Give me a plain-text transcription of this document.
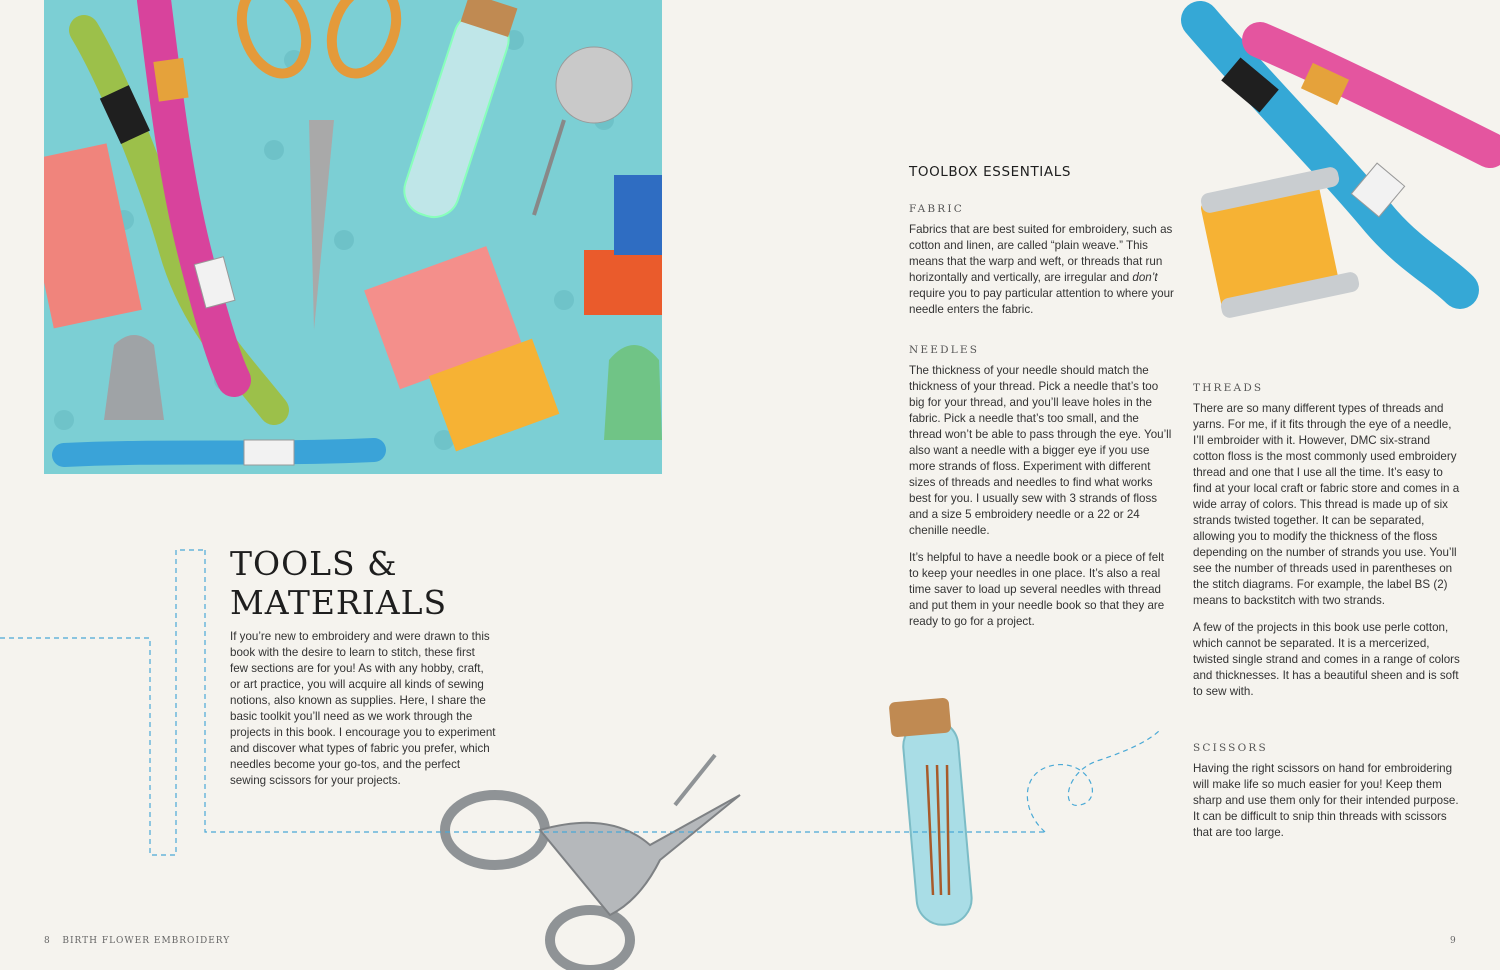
TOOLS & MATERIALS

If you’re new to embroidery and were drawn to this book with the desire to learn to stitch, these first few sections are for you! As with any hobby, craft, or art practice, you will acquire all kinds of sewing notions, also known as supplies. Here, I share the basic toolkit you’ll need as we work through the projects in this book. I encourage you to experiment and discover what types of fabric you prefer, which needles become your go-tos, and the perfect sewing scissors for your projects.

TOOLBOX ESSENTIALS
FABRIC

Fabrics that are best suited for embroidery, such as cotton and linen, are called “plain weave.” This means that the warp and weft, or threads that run horizontally and vertically, are irregular and don’t require you to pay particular attention to where your needle enters the fabric.

NEEDLES

The thickness of your needle should match the thickness of your thread. Pick a needle that’s too big for your thread, and you’ll leave holes in the fabric. Pick a needle that’s too small, and the thread won’t be able to pass through the eye. You’ll also want a needle with a bigger eye if you use more strands of floss. Experiment with different sizes of threads and needles to find what works best for you. I usually sew with 3 strands of floss and a size 5 embroidery needle or a 22 or 24 chenille needle.

It’s helpful to have a needle book or a piece of felt to keep your needles in one place. It’s also a real time saver to load up several needles with thread and put them in your needle book so that they are ready to go for a project.

THREADS

There are so many different types of threads and yarns. For me, if it fits through the eye of a needle, I’ll embroider with it. However, DMC six-strand cotton floss is the most commonly used embroidery thread and one that I use all the time. It’s easy to find at your local craft or fabric store and comes in a wide array of colors. This thread is made up of six strands twisted together. It can be separated, allowing you to modify the thickness of the floss depending on the number of strands you use. You’ll see the number of threads used in parentheses on the stitch diagrams. For example, the label BS (2) means to backstitch with two strands.

A few of the projects in this book use perle cotton, which cannot be separated. It is a mercerized, twisted single strand and comes in a range of colors and thicknesses. It has a beautiful sheen and is soft to sew with.

SCISSORS

Having the right scissors on hand for embroidering will make life so much easier for you! Keep them sharp and use them only for their intended purpose. It can be difficult to snip thin threads with scissors that are too large.

8 BIRTH FLOWER EMBROIDERY	9
